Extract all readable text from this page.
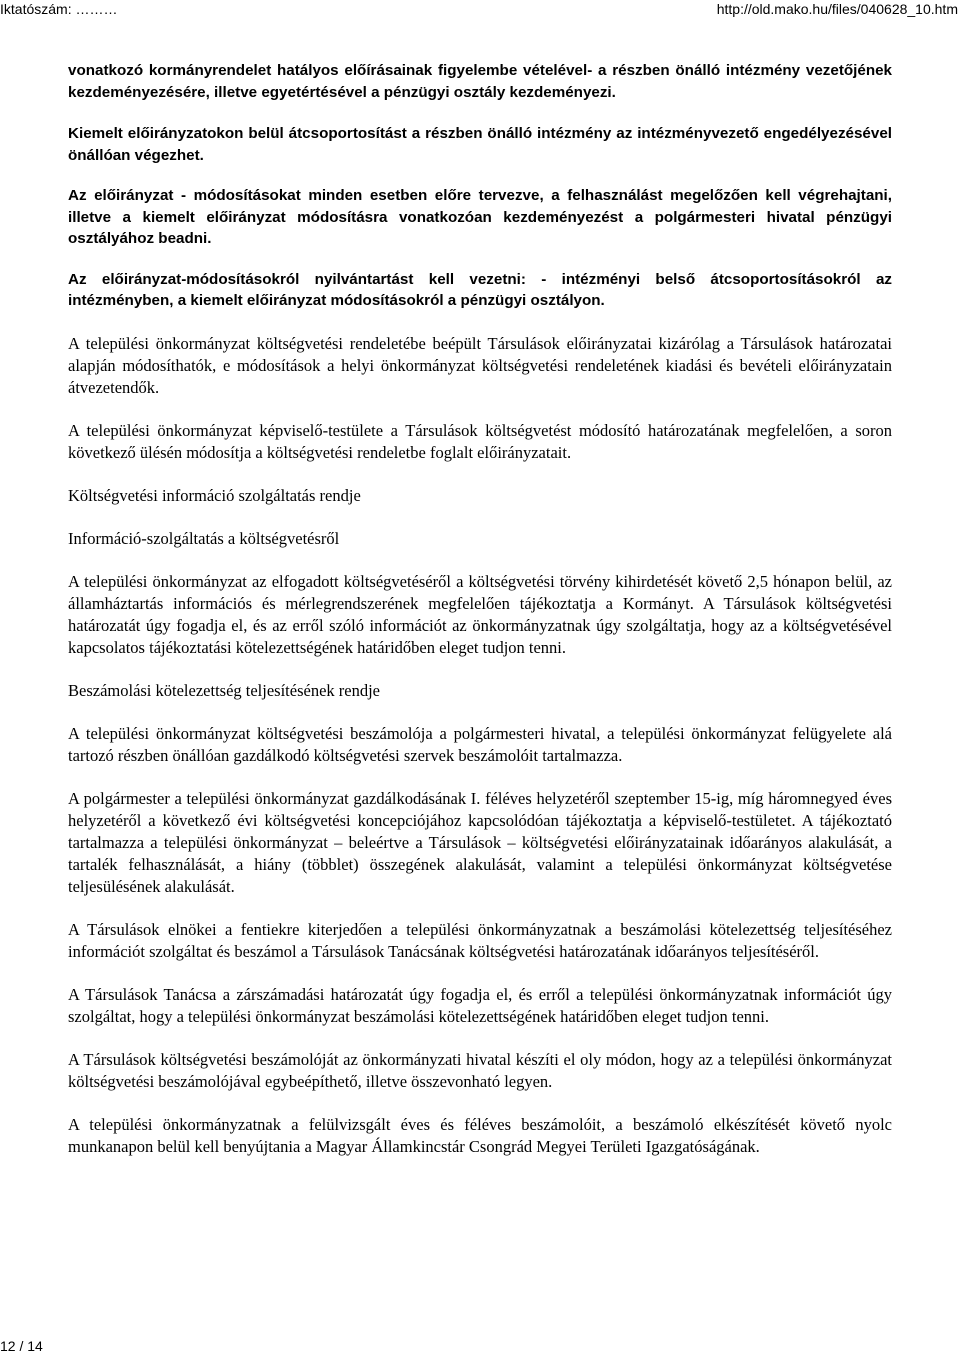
Iktatószám: ………	http://old.mako.hu/files/040628_10.htm

vonatkozó kormányrendelet hatályos előírásainak figyelembe vételével- a részben önálló intézmény vezetőjének kezdeményezésére, illetve egyetértésével a pénzügyi osztály kezdeményezi.

Kiemelt előirányzatokon belül átcsoportosítást a részben önálló intézmény az intézményvezető engedélyezésével önállóan végezhet.

Az előirányzat - módosításokat minden esetben előre tervezve, a felhasználást megelőzően kell végrehajtani, illetve a kiemelt előirányzat módosításra vonatkozóan kezdeményezést a polgármesteri hivatal pénzügyi osztályához beadni.

Az előirányzat-módosításokról nyilvántartást kell vezetni: - intézményi belső átcsoportosításokról az intézményben, a kiemelt előirányzat módosításokról a pénzügyi osztályon.

A települési önkormányzat költségvetési rendeletébe beépült Társulások előirányzatai kizárólag a Társulások határozatai alapján módosíthatók, e módosítások a helyi önkormányzat költségvetési rendeletének kiadási és bevételi előirányzatain átvezetendők.

A települési önkormányzat képviselő-testülete a Társulások költségvetést módosító határozatának megfelelően, a soron következő ülésén módosítja a költségvetési rendeletbe foglalt előirányzatait.

Költségvetési információ szolgáltatás rendje

Információ-szolgáltatás a költségvetésről

A települési önkormányzat az elfogadott költségvetéséről a költségvetési törvény kihirdetését követő 2,5 hónapon belül, az államháztartás információs és mérlegrendszerének megfelelően tájékoztatja a Kormányt. A Társulások költségvetési határozatát úgy fogadja el, és az erről szóló információt az önkormányzatnak úgy szolgáltatja, hogy az a költségvetésével kapcsolatos tájékoztatási kötelezettségének határidőben eleget tudjon tenni.

Beszámolási kötelezettség teljesítésének rendje

A települési önkormányzat költségvetési beszámolója a polgármesteri hivatal, a települési önkormányzat felügyelete alá tartozó részben önállóan gazdálkodó költségvetési szervek beszámolóit tartalmazza.

A polgármester a települési önkormányzat gazdálkodásának I. féléves helyzetéről szeptember 15-ig, míg háromnegyed éves helyzetéről a következő évi költségvetési koncepciójához kapcsolódóan tájékoztatja a képviselő-testületet. A tájékoztató tartalmazza a települési önkormányzat – beleértve a Társulások – költségvetési előirányzatainak időarányos alakulását, a tartalék felhasználását, a hiány (többlet) összegének alakulását, valamint a települési önkormányzat költségvetése teljesülésének alakulását.

A Társulások elnökei a fentiekre kiterjedően a települési önkormányzatnak a beszámolási kötelezettség teljesítéséhez információt szolgáltat és beszámol a Társulások Tanácsának költségvetési határozatának időarányos teljesítéséről.

A Társulások Tanácsa a zárszámadási határozatát úgy fogadja el, és erről a települési önkormányzatnak információt úgy szolgáltat, hogy a települési önkormányzat beszámolási kötelezettségének határidőben eleget tudjon tenni.

A Társulások költségvetési beszámolóját az önkormányzati hivatal készíti el oly módon, hogy az a települési önkormányzat költségvetési beszámolójával egybeépíthető, illetve összevonható legyen.

A települési önkormányzatnak a felülvizsgált éves és féléves beszámolóit, a beszámoló elkészítését követő nyolc munkanapon belül kell benyújtania a Magyar Államkincstár Csongrád Megyei Területi Igazgatóságának.

12 / 14
